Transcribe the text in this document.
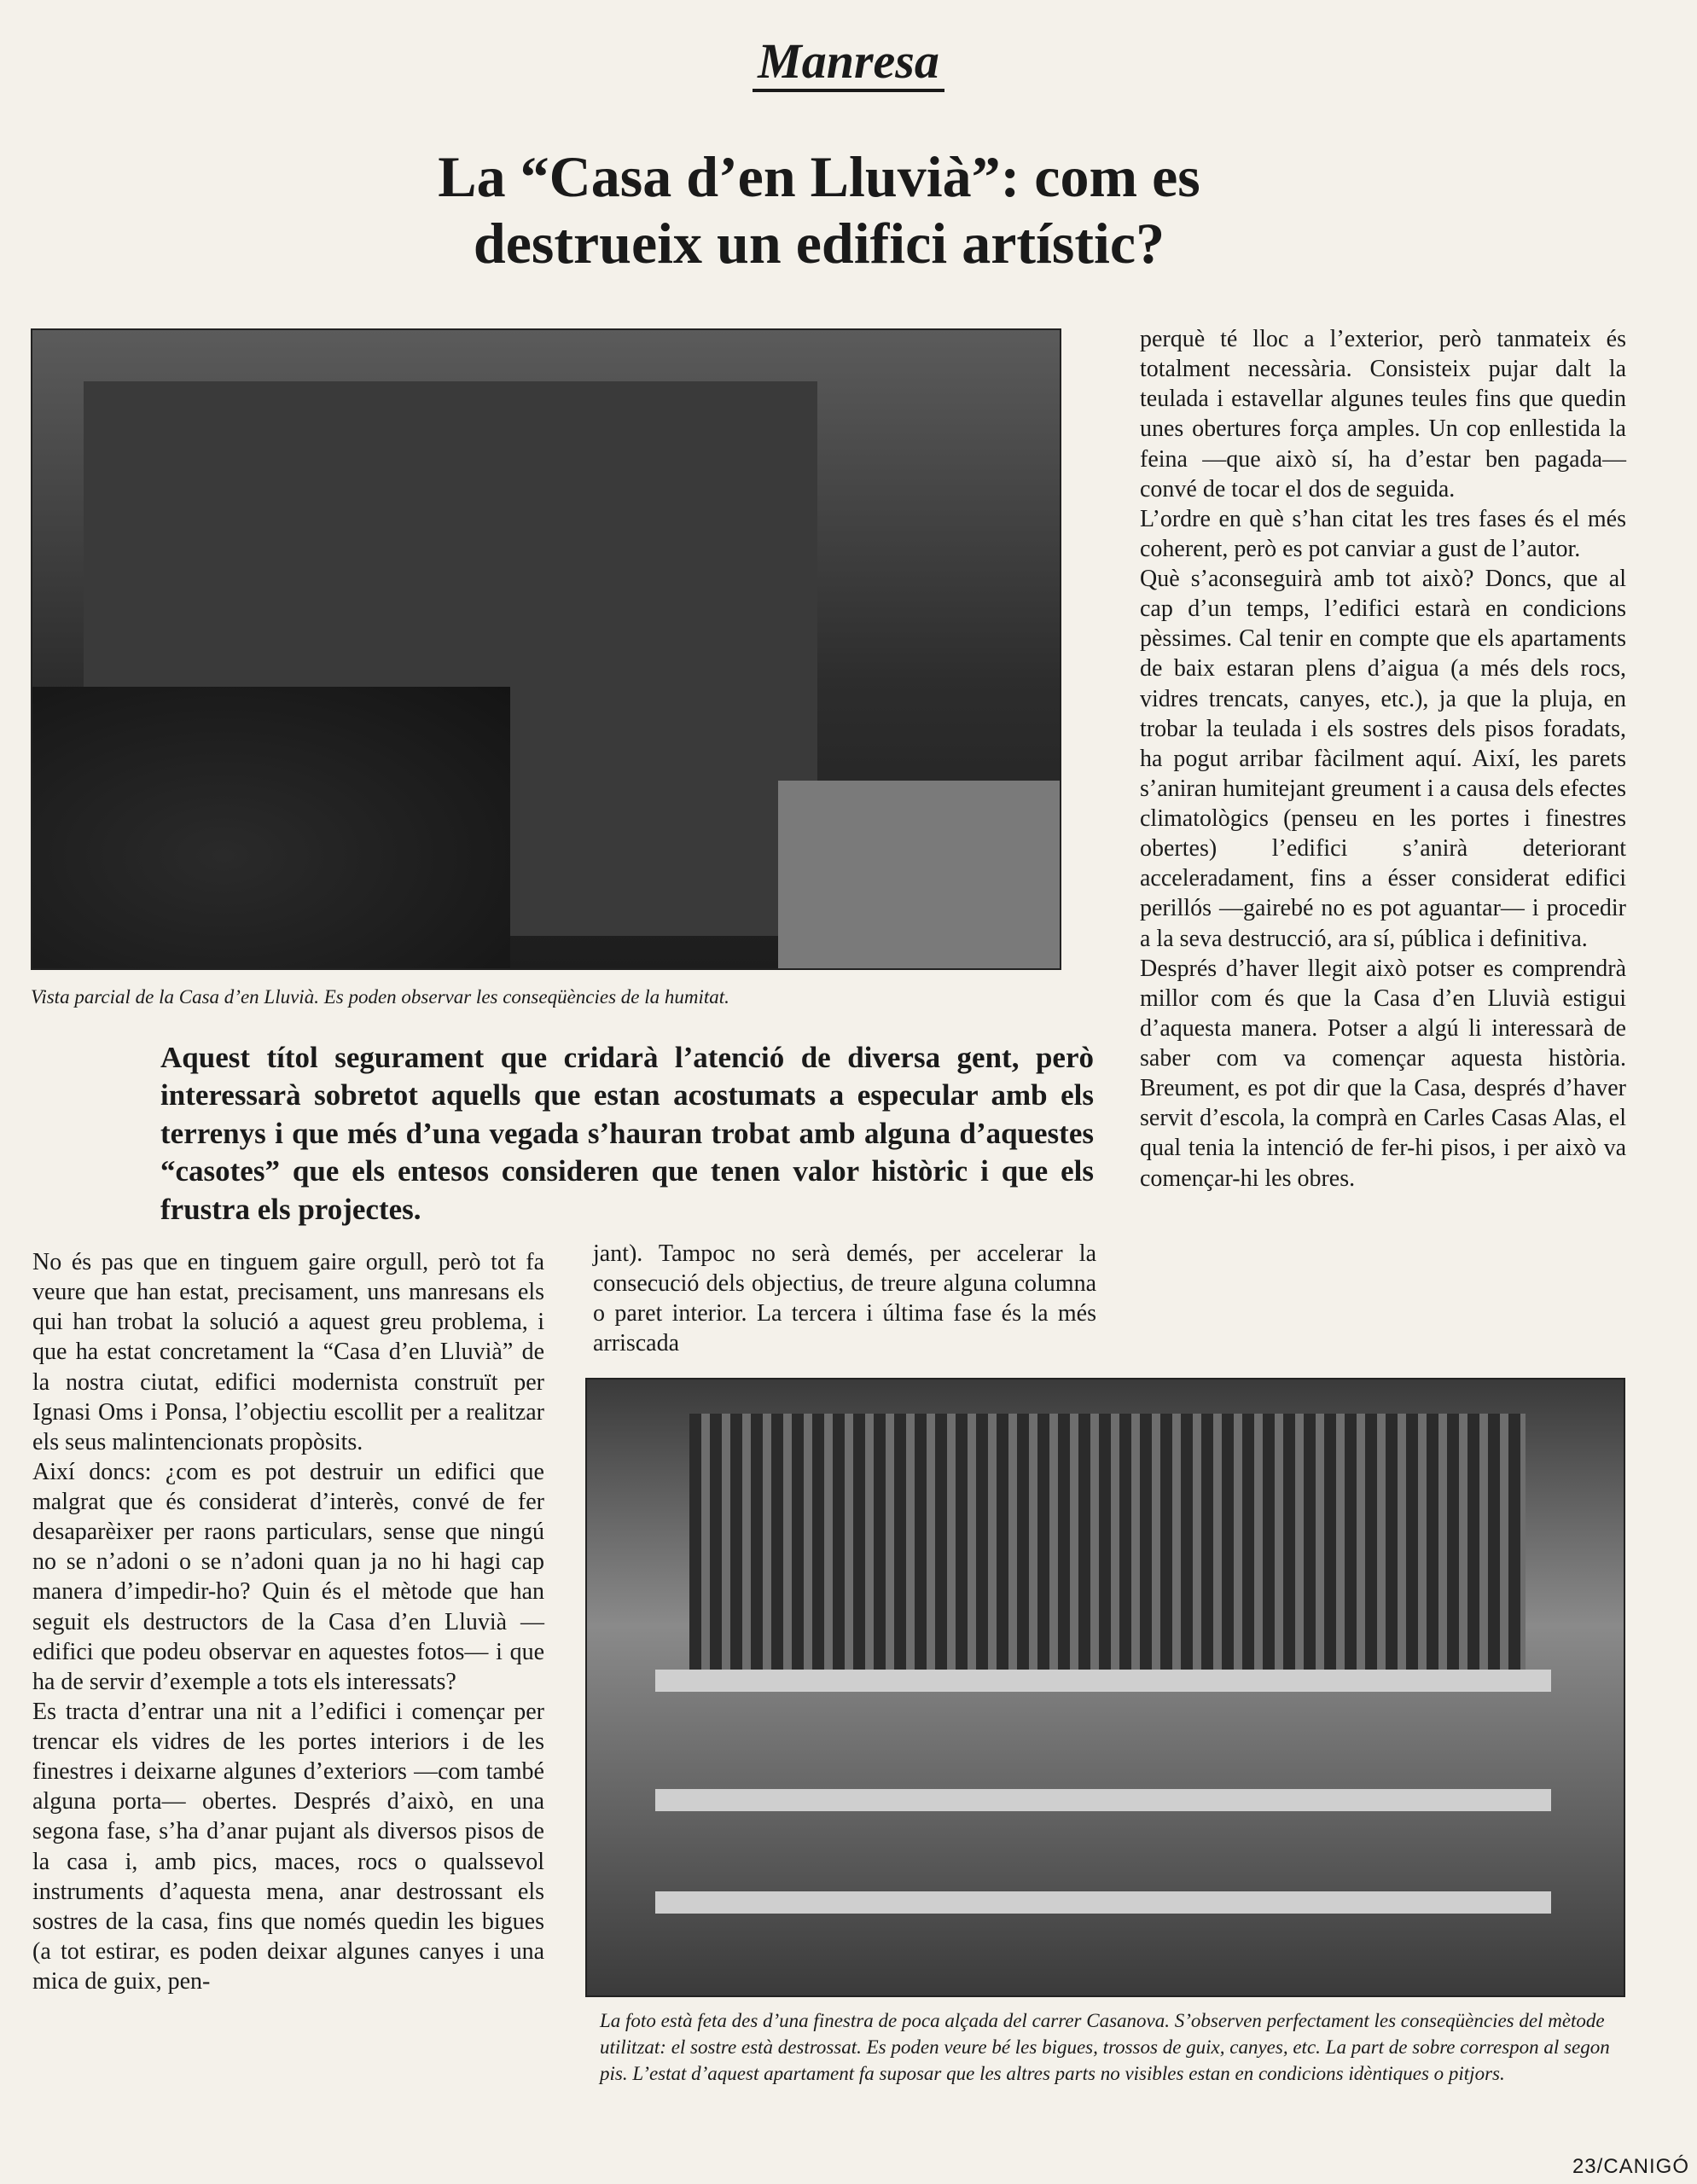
Manresa
La “Casa d’en Lluvià”: com es
destrueix un edifici artístic?
Vista parcial de la Casa d’en Lluvià. Es poden observar les conseqüències de la humitat.
Aquest títol segurament que cridarà l’atenció de diversa gent, però interessarà sobretot aquells que estan acostumats a especular amb els terrenys i que més d’una vegada s’hauran trobat amb alguna d’aquestes “casotes” que els entesos consideren que tenen valor històric i que els frustra els projectes.

No és pas que en tinguem gaire orgull, però tot fa veure que han estat, precisament, uns manresans els qui han trobat la solució a aquest greu problema, i que ha estat concretament la “Casa d’en Lluvià” de la nostra ciutat, edifici modernista construït per Ignasi Oms i Ponsa, l’objectiu escollit per a realitzar els seus malintencionats propòsits.

Així doncs: ¿com es pot destruir un edifici que malgrat que és considerat d’interès, convé de fer desaparèixer per raons particulars, sense que ningú no se n’adoni o se n’adoni quan ja no hi hagi cap manera d’impedir-ho? Quin és el mètode que han seguit els destructors de la Casa d’en Lluvià —edifici que podeu observar en aquestes fotos— i que ha de servir d’exemple a tots els interessats?

Es tracta d’entrar una nit a l’edifici i començar per trencar els vidres de les portes interiors i de les finestres i deixarne algunes d’exteriors —com també alguna porta— obertes. Després d’això, en una segona fase, s’ha d’anar pujant als diversos pisos de la casa i, amb pics, maces, rocs o qualssevol instruments d’aquesta mena, anar destrossant els sostres de la casa, fins que només quedin les bigues (a tot estirar, es poden deixar algunes canyes i una mica de guix, pen-

jant). Tampoc no serà demés, per accelerar la consecució dels objectius, de treure alguna columna o paret interior. La tercera i última fase és la més arriscada

perquè té lloc a l’exterior, però tanmateix és totalment necessària. Consisteix pujar dalt la teulada i estavellar algunes teules fins que quedin unes obertures força amples. Un cop enllestida la feina —que això sí, ha d’estar ben pagada— convé de tocar el dos de seguida.

L’ordre en què s’han citat les tres fases és el més coherent, però es pot canviar a gust de l’autor.

Què s’aconseguirà amb tot això? Doncs, que al cap d’un temps, l’edifici estarà en condicions pèssimes. Cal tenir en compte que els apartaments de baix estaran plens d’aigua (a més dels rocs, vidres trencats, canyes, etc.), ja que la pluja, en trobar la teulada i els sostres dels pisos foradats, ha pogut arribar fàcilment aquí. Així, les parets s’aniran humitejant greument i a causa dels efectes climatològics (penseu en les portes i finestres obertes) l’edifici s’anirà deteriorant acceleradament, fins a ésser considerat edifici perillós —gairebé no es pot aguantar— i procedir a la seva destrucció, ara sí, pública i definitiva.

Després d’haver llegit això potser es comprendrà millor com és que la Casa d’en Lluvià estigui d’aquesta manera. Potser a algú li interessarà de saber com va començar aquesta història. Breument, es pot dir que la Casa, després d’haver servit d’escola, la comprà en Carles Casas Alas, el qual tenia la intenció de fer-hi pisos, i per això va començar-hi les obres.

La foto està feta des d’una finestra de poca alçada del carrer Casanova. S’observen perfectament les conseqüències del mètode utilitzat: el sostre està destrossat. Es poden veure bé les bigues, trossos de guix, canyes, etc. La part de sobre correspon al segon pis. L’estat d’aquest apartament fa suposar que les altres parts no visibles estan en condicions idèntiques o pitjors.
23/CANIGÓ
